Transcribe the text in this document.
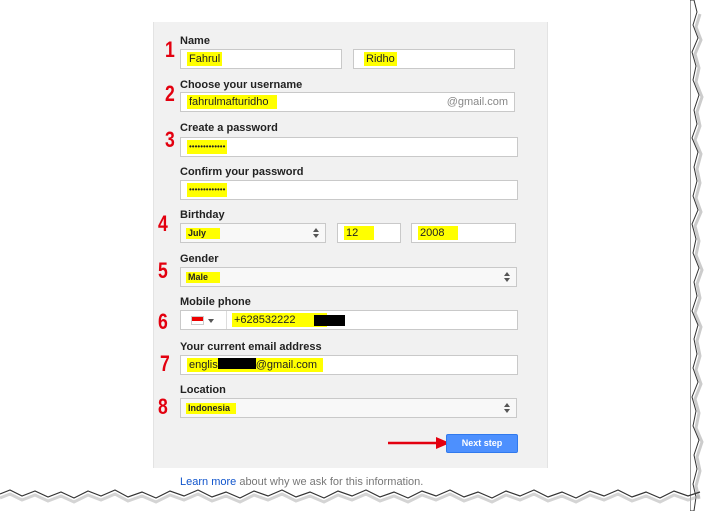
Name
1 Fahrul	Ridho
Choose your username
2 fahrulmafturidho	@gmail.com
Create a password
3 •••••••••••••
Confirm your password
•••••••••••••
Birthday
4 July	12	2008
Gender
5 Male
Mobile phone
6	+628532222
Your current email address
7 englis	@gmail.com
Location
8 Indonesia
Next step
Learn more about why we ask for this information.
